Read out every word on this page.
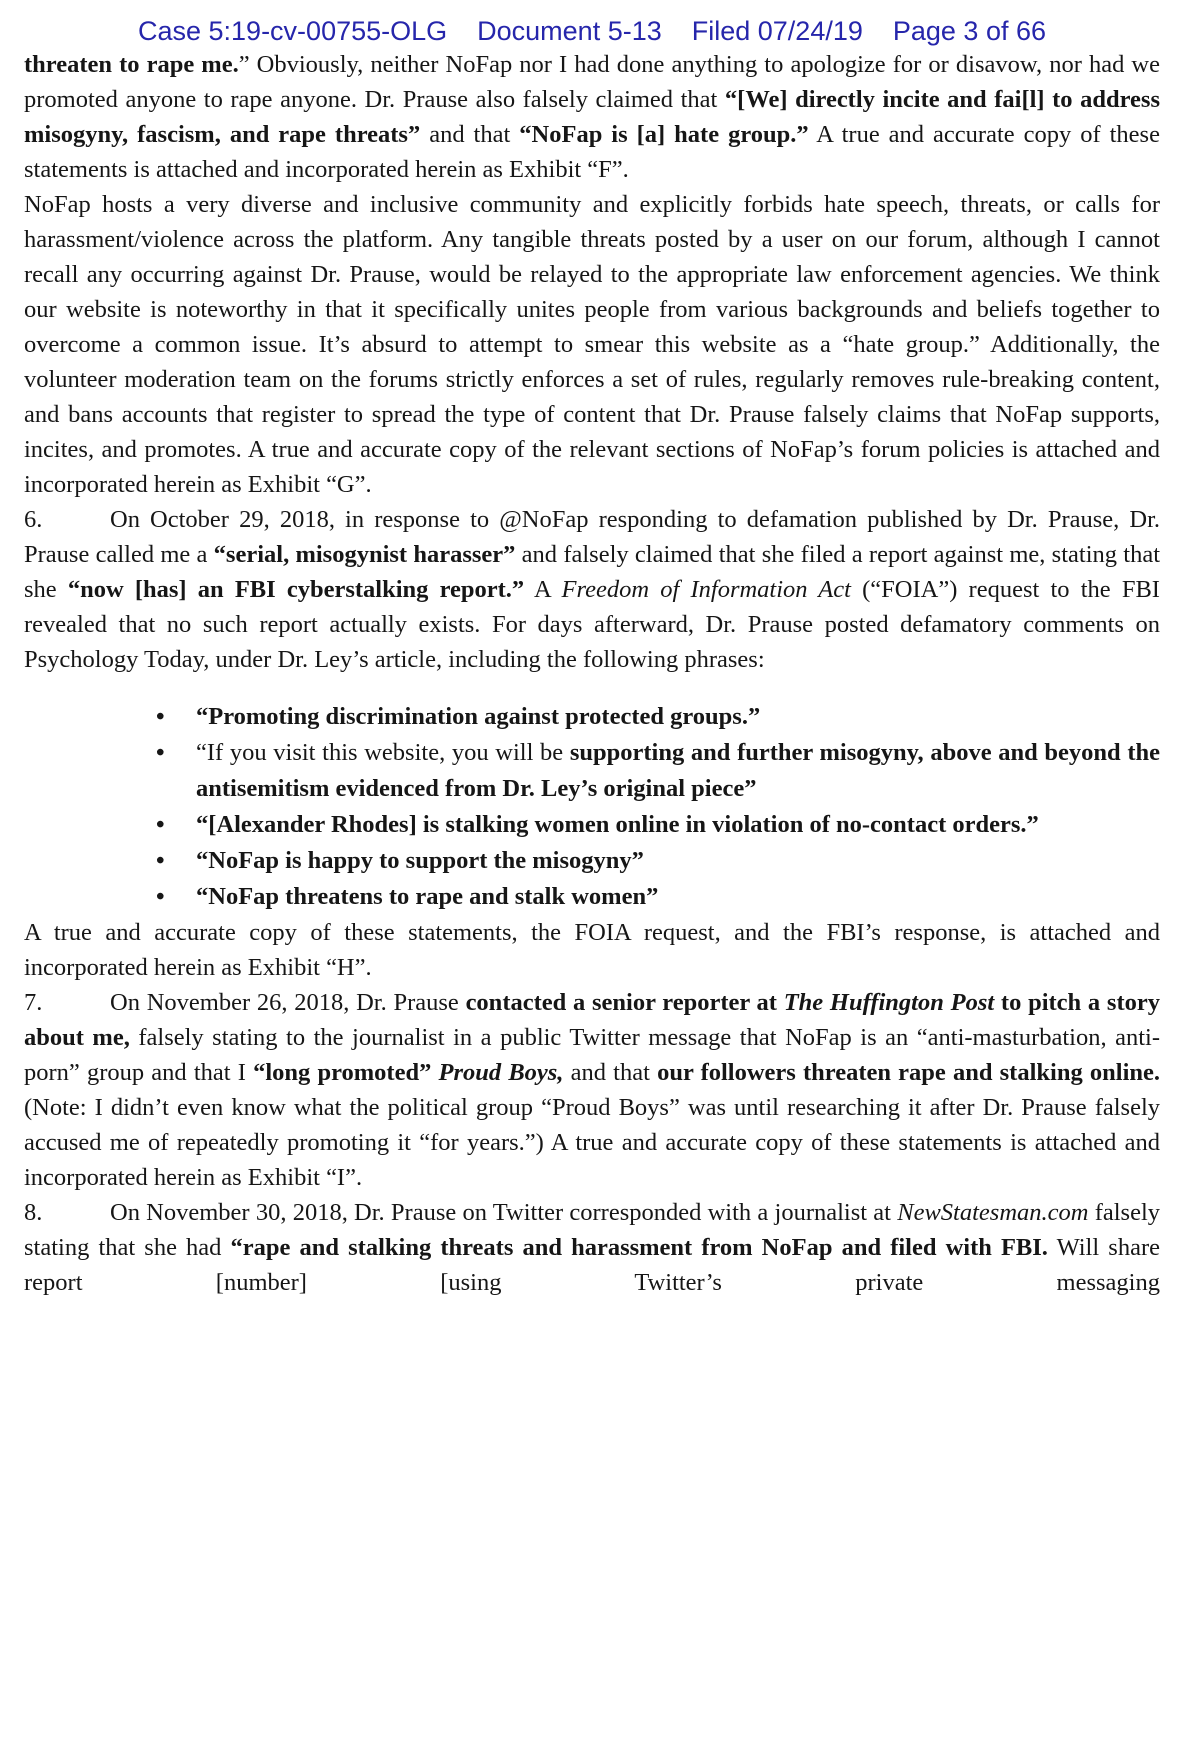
Case 5:19-cv-00755-OLG Document 5-13 Filed 07/24/19 Page 3 of 66

threaten to rape me.” Obviously, neither NoFap nor I had done anything to apologize for or disavow, nor had we promoted anyone to rape anyone. Dr. Prause also falsely claimed that “[We] directly incite and fai[l] to address misogyny, fascism, and rape threats” and that “NoFap is [a] hate group.” A true and accurate copy of these statements is attached and incorporated herein as Exhibit “F”.

NoFap hosts a very diverse and inclusive community and explicitly forbids hate speech, threats, or calls for harassment/violence across the platform. Any tangible threats posted by a user on our forum, although I cannot recall any occurring against Dr. Prause, would be relayed to the appropriate law enforcement agencies. We think our website is noteworthy in that it specifically unites people from various backgrounds and beliefs together to overcome a common issue. It’s absurd to attempt to smear this website as a “hate group.” Additionally, the volunteer moderation team on the forums strictly enforces a set of rules, regularly removes rule-breaking content, and bans accounts that register to spread the type of content that Dr. Prause falsely claims that NoFap supports, incites, and promotes. A true and accurate copy of the relevant sections of NoFap’s forum policies is attached and incorporated herein as Exhibit “G”.

6.	On October 29, 2018, in response to @NoFap responding to defamation published by Dr. Prause, Dr. Prause called me a “serial, misogynist harasser” and falsely claimed that she filed a report against me, stating that she “now [has] an FBI cyberstalking report.” A Freedom of Information Act (“FOIA”) request to the FBI revealed that no such report actually exists. For days afterward, Dr. Prause posted defamatory comments on Psychology Today, under Dr. Ley’s article, including the following phrases:

• “Promoting discrimination against protected groups.”
• “If you visit this website, you will be supporting and further misogyny, above and beyond the antisemitism evidenced from Dr. Ley’s original piece”
• “[Alexander Rhodes] is stalking women online in violation of no-contact orders.”
• “NoFap is happy to support the misogyny”
• “NoFap threatens to rape and stalk women”

A true and accurate copy of these statements, the FOIA request, and the FBI’s response, is attached and incorporated herein as Exhibit “H”.

7.	On November 26, 2018, Dr. Prause contacted a senior reporter at The Huffington Post to pitch a story about me, falsely stating to the journalist in a public Twitter message that NoFap is an “anti-masturbation, anti-porn” group and that I “long promoted” Proud Boys, and that our followers threaten rape and stalking online. (Note: I didn’t even know what the political group “Proud Boys” was until researching it after Dr. Prause falsely accused me of repeatedly promoting it “for years.”) A true and accurate copy of these statements is attached and incorporated herein as Exhibit “I”.

8.	On November 30, 2018, Dr. Prause on Twitter corresponded with a journalist at NewStatesman.com falsely stating that she had “rape and stalking threats and harassment from NoFap and filed with FBI. Will share report [number] [using Twitter’s private messaging
